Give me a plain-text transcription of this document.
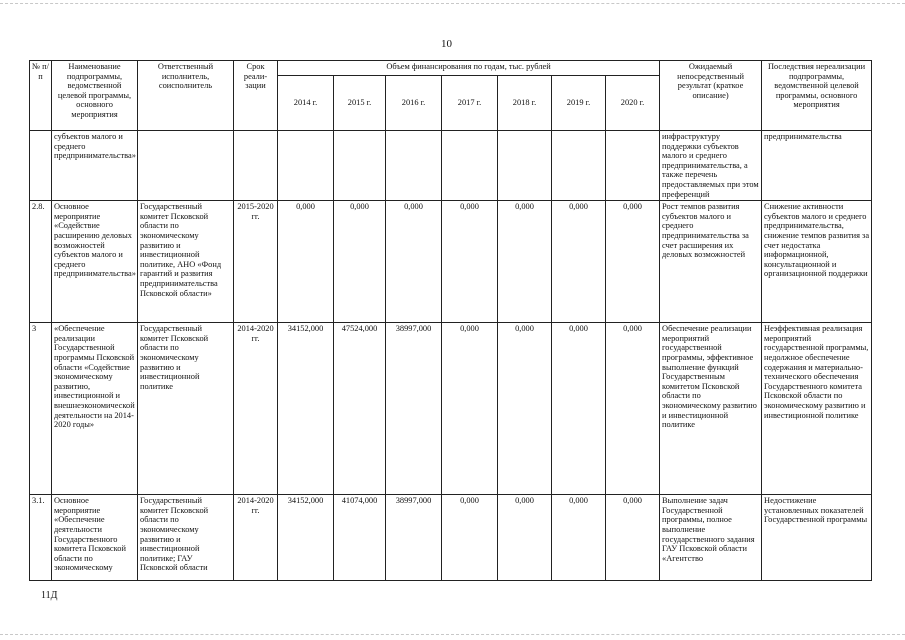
10
№ п/п	Наименование подпрограммы, ведомственной целевой программы, основного мероприятия	Ответственный исполнитель, соисполнитель	Срок реали-зации	Объем финансирования по годам, тыс. рублей							Ожидаемый непосредственный результат (краткое описание)	Последствия нереализации подпрограммы, ведомственной целевой программы, основного мероприятия
				2014 г.	2015 г.	2016 г.	2017 г.	2018 г.	2019 г.	2020 г.		
	субъектов малого и среднего предпринимательства»										инфраструктуру поддержки субъектов малого и среднего предпринимательства, а также перечень предоставляемых при этом преференций	предпринимательства
2.8.	Основное мероприятие «Содействие расширению деловых возможностей субъектов малого и среднего предпринимательства»	Государственный комитет Псковской области по экономическому развитию и инвестиционной политике, АНО «Фонд гарантий и развития предпринимательства Псковской области»	2015-2020 гг.	0,000	0,000	0,000	0,000	0,000	0,000	0,000	Рост темпов развития субъектов малого и среднего предпринимательства за счет расширения их деловых возможностей	Снижение активности субъектов малого и среднего предпринимательства, снижение темпов развития за счет недостатка информационной, консультационной и организационной поддержки
3	«Обеспечение реализации Государственной программы Псковской области «Содействие экономическому развитию, инвестиционной и внешнеэкономической деятельности на 2014-2020 годы»	Государственный комитет Псковской области по экономическому развитию и инвестиционной политике	2014-2020 гг.	34152,000	47524,000	38997,000	0,000	0,000	0,000	0,000	Обеспечение реализации мероприятий государственной программы, эффективное выполнение функций Государственным комитетом Псковской области по экономическому развитию и инвестиционной политике	Неэффективная реализация мероприятий государственной программы, недолжное обеспечение содержания и материально-технического обеспечения Государственного комитета Псковской области по экономическому развитию и инвестиционной политике
3.1.	Основное мероприятие «Обеспечение деятельности Государственного комитета Псковской области по экономическому	Государственный комитет Псковской области по экономическому развитию и инвестиционной политике; ГАУ Псковской области	2014-2020 гг.	34152,000	41074,000	38997,000	0,000	0,000	0,000	0,000	Выполнение задач Государственной программы, полное выполнение государственного задания ГАУ Псковской области «Агентство	Недостижение установленных показателей Государственной программы
11Д
